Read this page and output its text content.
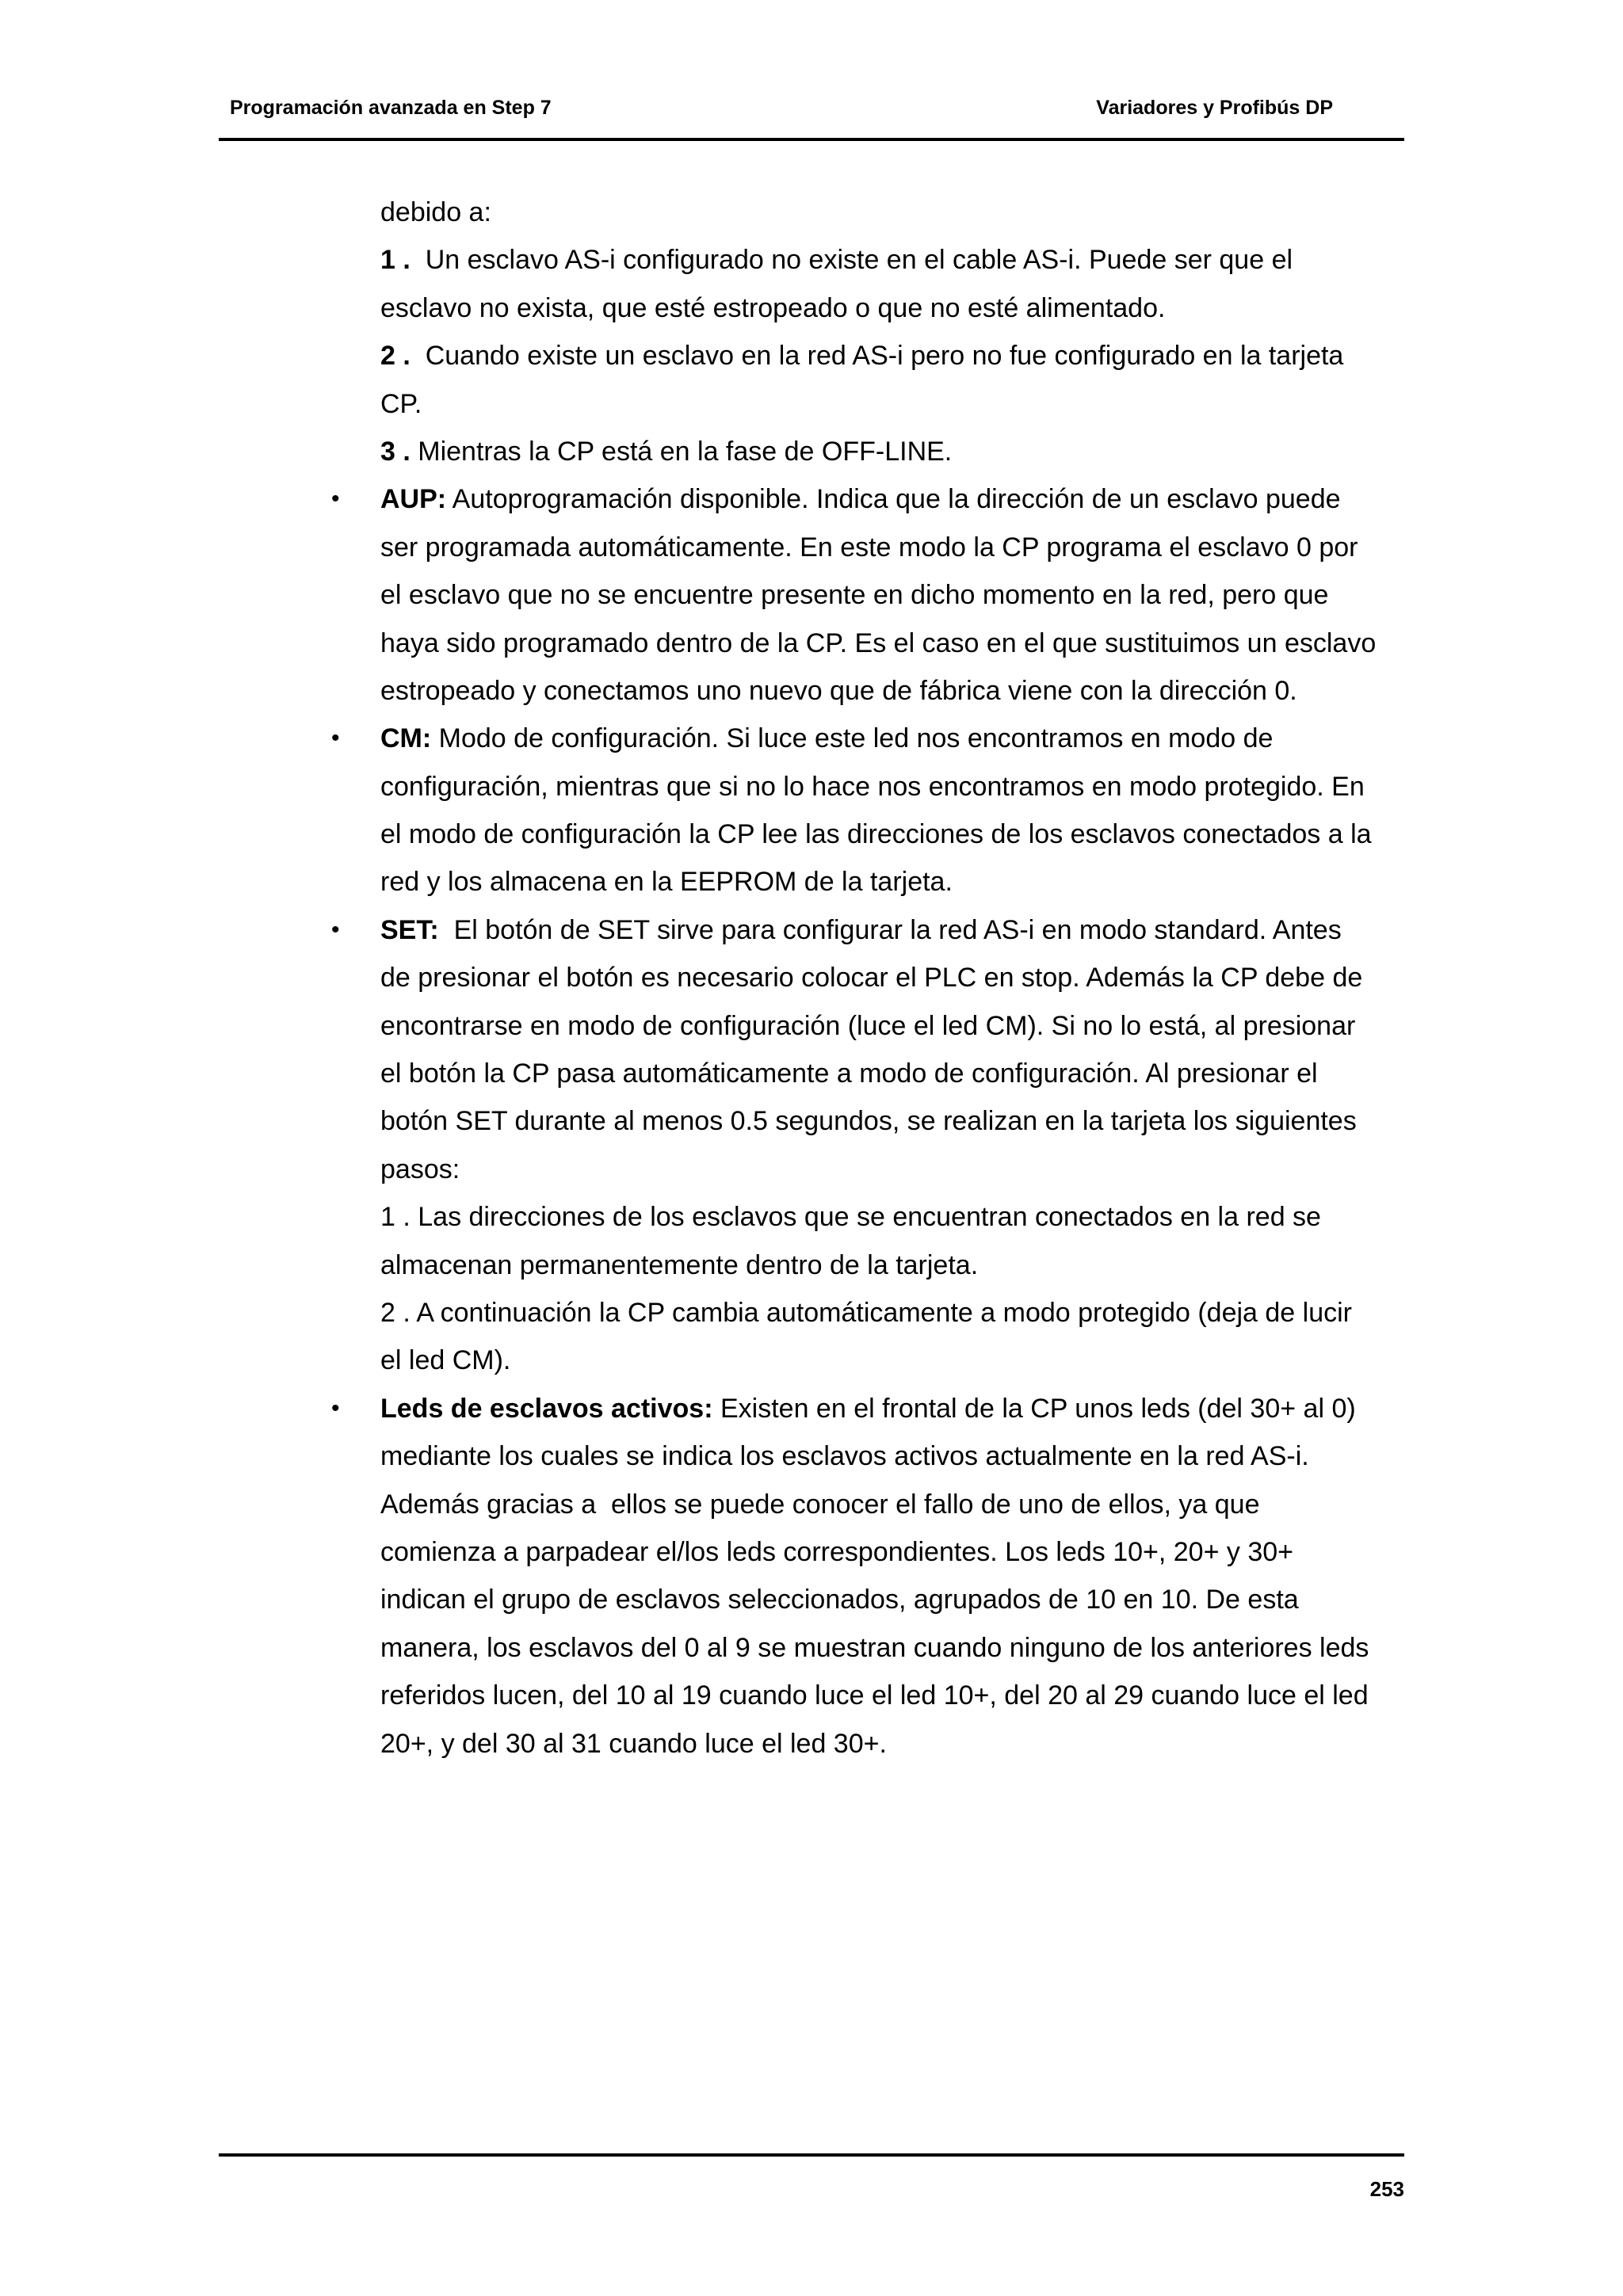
Programación avanzada en Step 7	Variadores y Profibús DP
debido a:
1 .  Un esclavo AS-i configurado no existe en el cable AS-i. Puede ser que el
esclavo no exista, que esté estropeado o que no esté alimentado.
2 .  Cuando existe un esclavo en la red AS-i pero no fue configurado en la tarjeta
CP.
3 . Mientras la CP está en la fase de OFF-LINE.
• AUP: Autoprogramación disponible. Indica que la dirección de un esclavo puede
ser programada automáticamente. En este modo la CP programa el esclavo 0 por
el esclavo que no se encuentre presente en dicho momento en la red, pero que
haya sido programado dentro de la CP. Es el caso en el que sustituimos un esclavo
estropeado y conectamos uno nuevo que de fábrica viene con la dirección 0.
• CM: Modo de configuración. Si luce este led nos encontramos en modo de
configuración, mientras que si no lo hace nos encontramos en modo protegido. En
el modo de configuración la CP lee las direcciones de los esclavos conectados a la
red y los almacena en la EEPROM de la tarjeta.
• SET:  El botón de SET sirve para configurar la red AS-i en modo standard. Antes
de presionar el botón es necesario colocar el PLC en stop. Además la CP debe de
encontrarse en modo de configuración (luce el led CM). Si no lo está, al presionar
el botón la CP pasa automáticamente a modo de configuración. Al presionar el
botón SET durante al menos 0.5 segundos, se realizan en la tarjeta los siguientes
pasos:
1 . Las direcciones de los esclavos que se encuentran conectados en la red se
almacenan permanentemente dentro de la tarjeta.
2 . A continuación la CP cambia automáticamente a modo protegido (deja de lucir
el led CM).
• Leds de esclavos activos: Existen en el frontal de la CP unos leds (del 30+ al 0)
mediante los cuales se indica los esclavos activos actualmente en la red AS-i.
Además gracias a  ellos se puede conocer el fallo de uno de ellos, ya que
comienza a parpadear el/los leds correspondientes. Los leds 10+, 20+ y 30+
indican el grupo de esclavos seleccionados, agrupados de 10 en 10. De esta
manera, los esclavos del 0 al 9 se muestran cuando ninguno de los anteriores leds
referidos lucen, del 10 al 19 cuando luce el led 10+, del 20 al 29 cuando luce el led
20+, y del 30 al 31 cuando luce el led 30+.
253
